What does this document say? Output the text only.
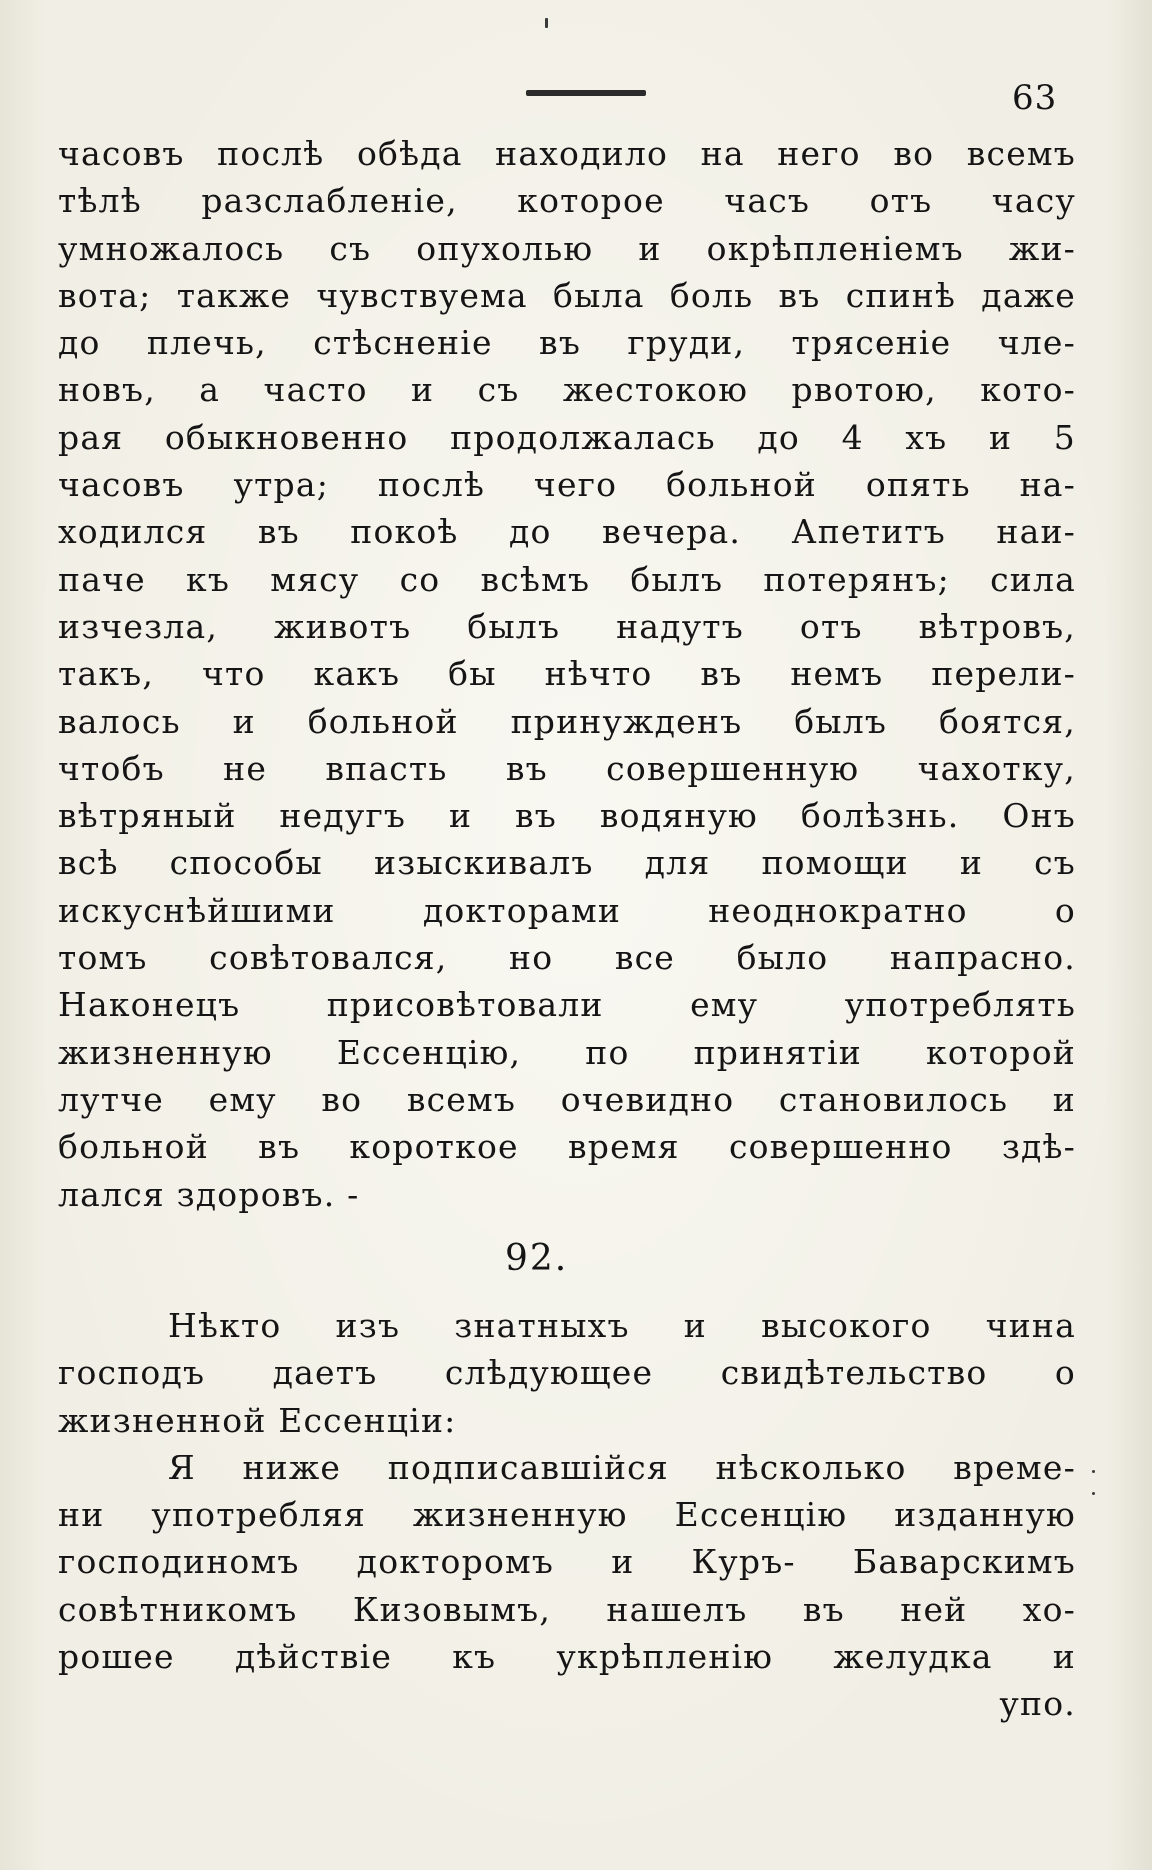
63
часовъ послѣ обѣда находило на него во всемъ
тѣлѣ разслабленіе, которое часъ отъ часу
умножалось съ опухолью и окрѣпленіемъ жи-
вота; также чувствуема была боль въ спинѣ даже
до плечь, стѣсненіе въ груди, трясеніе чле-
новъ, а часто и съ жестокою рвотою, кото-
рая обыкновенно продолжалась до 4 хъ и 5
часовъ утра; послѣ чего больной опять на-
ходился въ покоѣ до вечера. Апетитъ наи-
паче къ мясу со всѣмъ былъ потерянъ; сила
изчезла, животъ былъ надутъ отъ вѣтровъ,
такъ, что какъ бы нѣчто въ немъ перели-
валось и больной принужденъ былъ боятся,
чтобъ не впасть въ совершенную чахотку,
вѣтряный недугъ и въ водяную болѣзнь. Онъ
всѣ способы изыскивалъ для помощи и съ
искуснѣйшими докторами неоднократно о
томъ совѣтовался, но все было напрасно.
Наконецъ присовѣтовали ему употреблять
жизненную Ессенцію, по принятіи которой
лутче ему во всемъ очевидно становилось и
больной въ короткое время совершенно здѣ-
лался здоровъ. -
92.
Нѣкто изъ знатныхъ и высокого чина
господъ даетъ слѣдующее свидѣтельство о
жизненной Ессенціи:
Я ниже подписавшійся нѣсколько време-
ни употребляя жизненную Ессенцію изданную
господиномъ докторомъ и Куръ- Баварскимъ
совѣтникомъ Кизовымъ, нашелъ въ ней хо-
рошее дѣйствіе къ укрѣпленію желудка и
упо.
